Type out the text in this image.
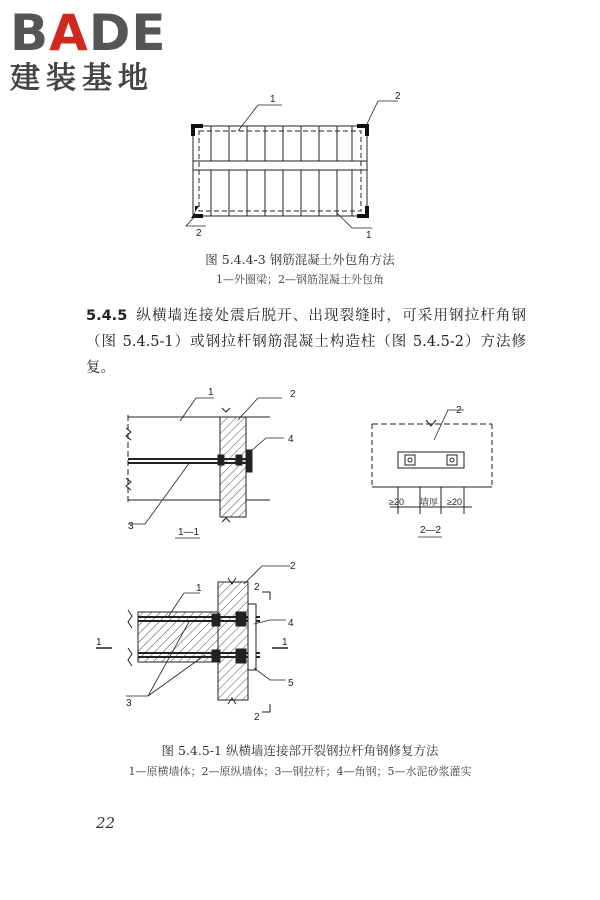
BADE
建装基地
1	2
2	1
图 5.4.4-3 钢筋混凝土外包角方法
1—外圈梁；2—钢筋混凝土外包角
5.4.5 纵横墙连接处震后脱开、出现裂缝时，可采用钢拉杆角钢（图 5.4.5-1）或钢拉杆钢筋混凝土构造柱（图 5.4.5-2）方法修复。
1	2
4
3
1—1
2
≥20 墙厚 ≥20
2—2
1
2
3
4
5
1	1
2
2
图 5.4.5-1 纵横墙连接部开裂钢拉杆角钢修复方法
1—原横墙体；2—原纵墙体；3—钢拉杆；4—角钢；5—水泥砂浆灌实
22
